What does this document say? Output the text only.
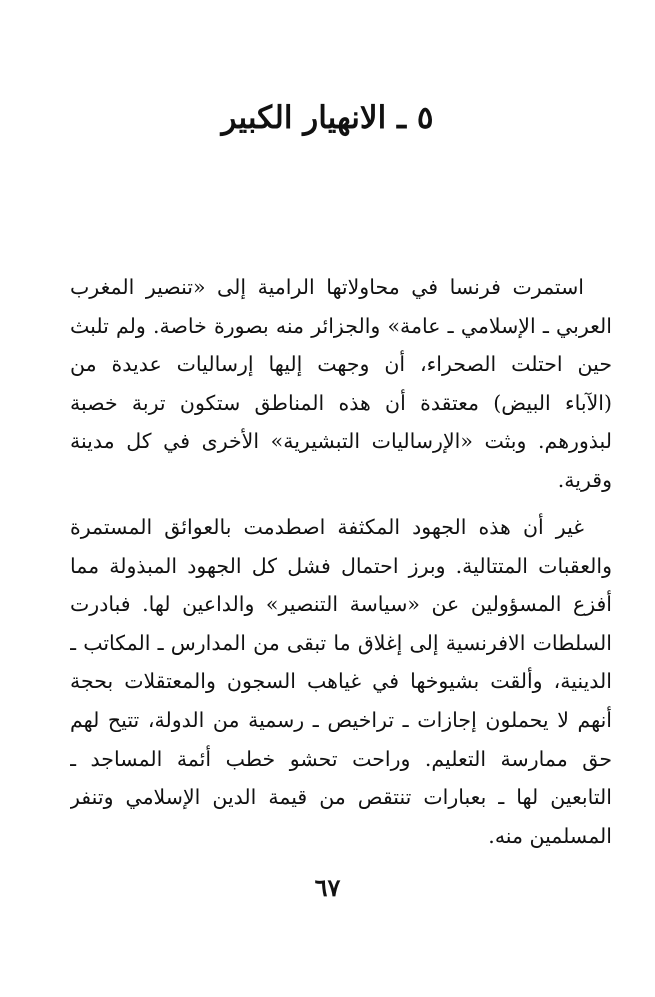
٥ ـ الانهيار الكبير
استمرت فرنسا في محاولاتها الرامية إلى «تنصير المغرب
العربي ـ الإسلامي ـ عامة» والجزائر منه بصورة خاصة. ولم تلبث
حين احتلت الصحراء، أن وجهت إليها إرساليات عديدة من
(الآباء البيض) معتقدة أن هذه المناطق ستكون تربة خصبة
لبذورهم. وبثت «الإرساليات التبشيرية» الأخرى في كل مدينة
وقرية.
غير أن هذه الجهود المكثفة اصطدمت بالعوائق المستمرة
والعقبات المتتالية. وبرز احتمال فشل كل الجهود المبذولة مما
أفزع المسؤولين عن «سياسة التنصير» والداعين لها. فبادرت
السلطات الافرنسية إلى إغلاق ما تبقى من المدارس ـ المكاتب ـ
الدينية، وألقت بشيوخها في غياهب السجون والمعتقلات بحجة
أنهم لا يحملون إجازات ـ تراخيص ـ رسمية من الدولة، تتيح لهم
حق ممارسة التعليم. وراحت تحشو خطب أئمة المساجد ـ
التابعين لها ـ بعبارات تنتقص من قيمة الدين الإسلامي وتنفر
المسلمين منه.
٦٧
